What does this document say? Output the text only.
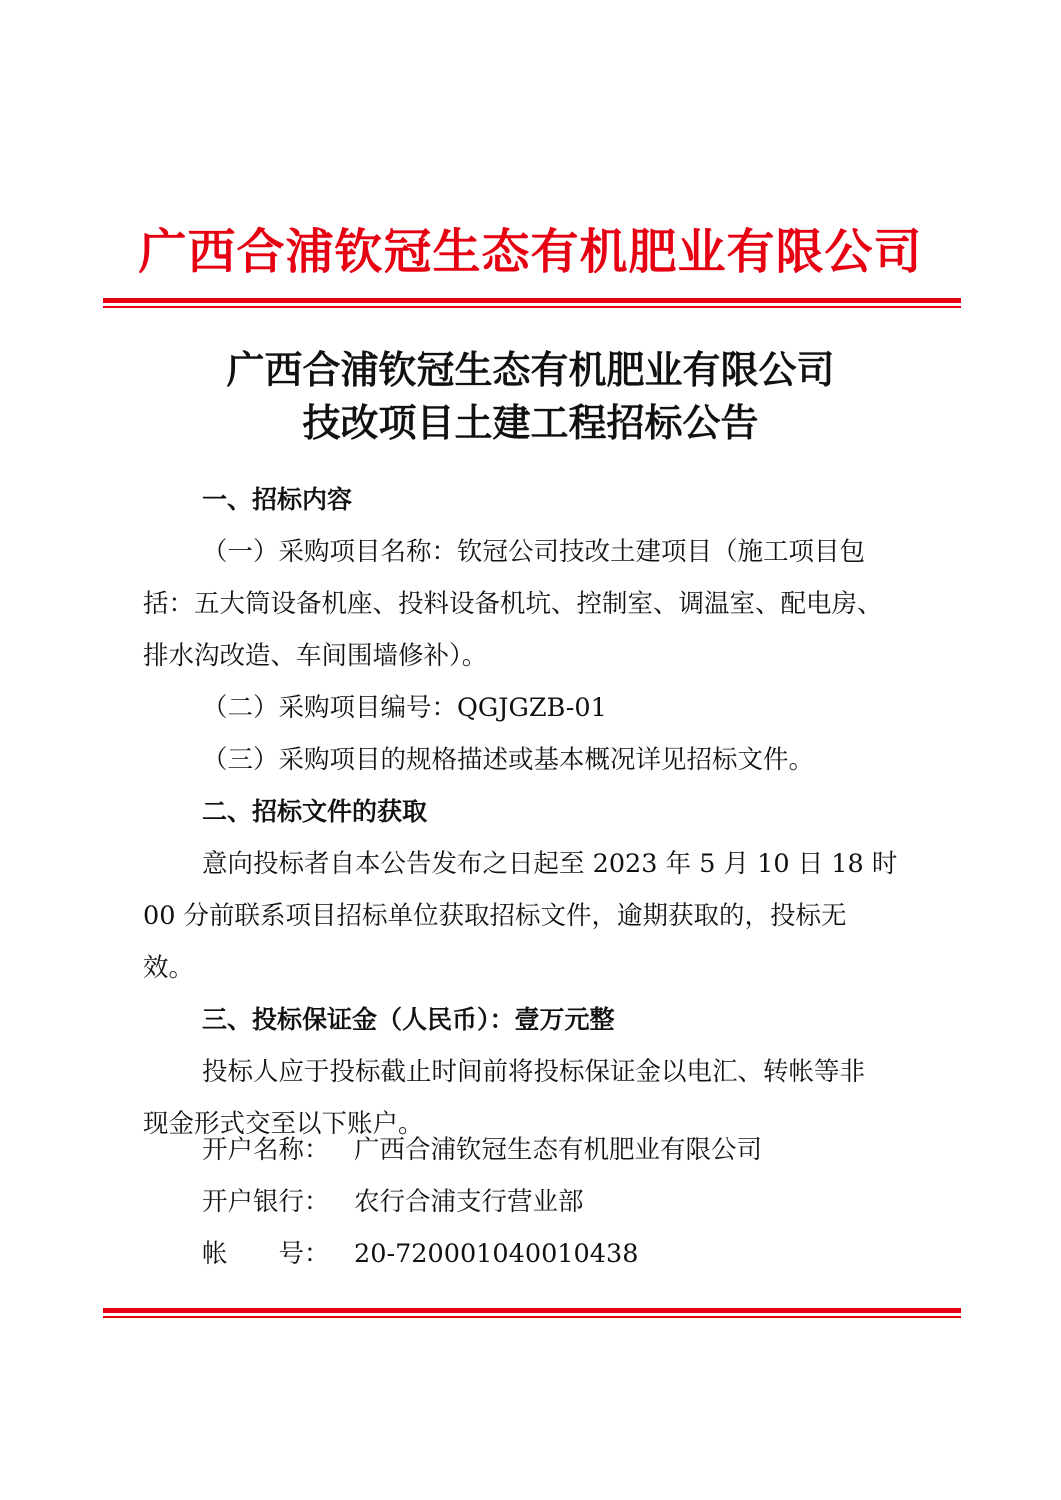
广西合浦钦冠生态有机肥业有限公司
广西合浦钦冠生态有机肥业有限公司
技改项目土建工程招标公告
一、招标内容
（一）采购项目名称：钦冠公司技改土建项目（施工项目包
括：五大筒设备机座、投料设备机坑、控制室、调温室、配电房、
排水沟改造、车间围墙修补）。
（二）采购项目编号：QGJGZB-01
（三）采购项目的规格描述或基本概况详见招标文件。
二、招标文件的获取
意向投标者自本公告发布之日起至 2023 年 5 月 10 日 18 时
00 分前联系项目招标单位获取招标文件，逾期获取的，投标无
效。
三、投标保证金（人民币）：壹万元整
投标人应于投标截止时间前将投标保证金以电汇、转帐等非
现金形式交至以下账户。
开户名称： 广西合浦钦冠生态有机肥业有限公司
开户银行： 农行合浦支行营业部
帐　　号： 20-720001040010438
